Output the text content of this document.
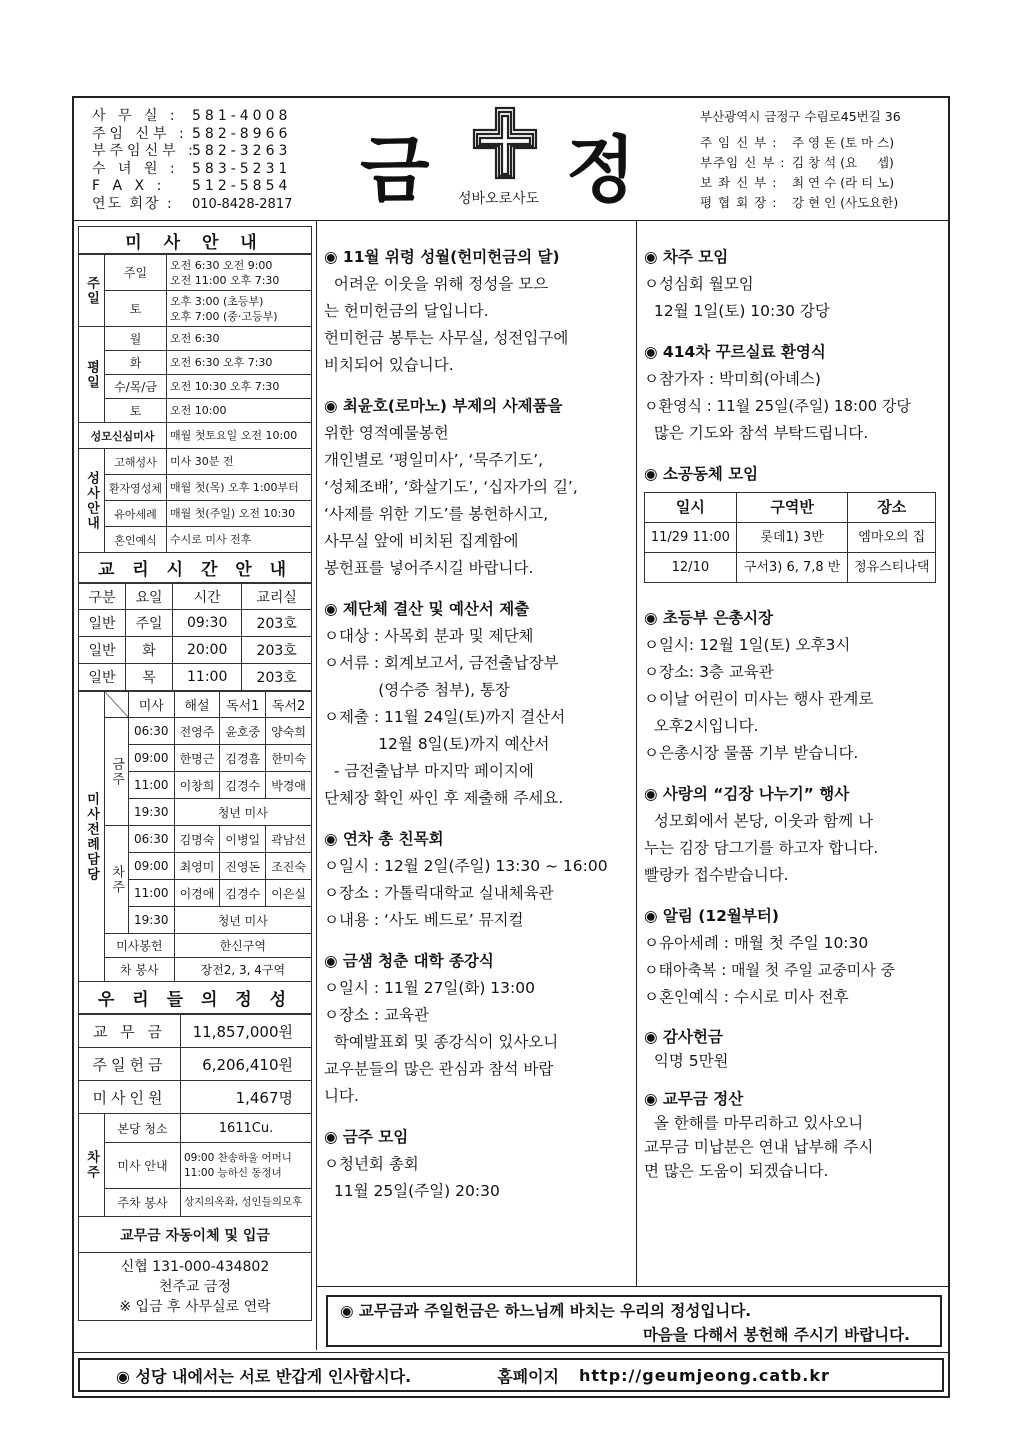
사 무 실 : 581-4008
주임 신부 : 582-8966
부주임신부 :
582-3263
수 녀 원 : 583-5231
F A X :	512-5854
연도 회장 :	010-8428-2817 금 정
성바오로사도
부산광역시 금정구 수림로45번길 36
주 임 신 부 :	주 영 돈 (토 마 스)
부주임 신 부 : 김 창 석 (요     셉)
보 좌 신 부 :	최 연 수 (라 티 노)
평 협 회 장 :	강 현 인 (사도요한)
미 사 안 내
주일	주일	오전 6:30 오전 9:00
오전 11:00 오후 7:30
	토	오후 3:00 (초등부)
오후 7:00 (중·고등부)
평일	월	오전 6:30
	화	오전 6:30 오후 7:30
	수/목/금	오전 10:30 오후 7:30
	토	오전 10:00
성모신심미사		매월 첫토요일 오전 10:00
성사안내	고해성사	미사 30분 전
	환자영성체	매월 첫(목) 오후 1:00부터
	유아세례	매월 첫(주일) 오전 10:30
	혼인예식	수시로 미사 전후
교 리 시 간 안 내
구분	요일	시간	교리실
일반	주일	09:30	203호
일반	화	20:00	203호
일반	목	11:00	203호
미사전례담당		미사	해설	독서1	독서2
	금주	06:30	전영주	윤호중	양숙희
		09:00	한명근	김경흠	한미숙
		11:00	이창희	김경수	박경애
		19:30	청년 미사		
	차주	06:30	김명숙	이병일	곽남선
		09:00	최영미	진영돈	조진숙
		11:00	이경애	김경수	이은실
		19:30	청년 미사		
	미사봉헌		한신구역		
	차 봉사		장전2, 3, 4구역		
우 리 들 의 정 성
교 무 금		11,857,000원
주일헌금		6,206,410원
미사인원		1,467명
차주	본당 청소	1611Cu.
	미사 안내	09:00 찬송하울 어머니
11:00 능하신 동정녀
	주차 봉사	상지의옥좌, 성인들의모후
교무금 자동이체 및 입금
신협 131-000-434802
천주교 금정
※ 입금 후 사무실로 연락
◉ 11월 위령 성월(헌미헌금의 달)
어려운 이웃을 위해 정성을 모으
는 헌미헌금의 달입니다.
헌미헌금 봉투는 사무실, 성전입구에
비치되어 있습니다.
◉ 최윤호(로마노) 부제의 사제품을
위한 영적예물봉헌
개인별로 ‘평일미사’, ‘묵주기도’,
‘성체조배’, ‘화살기도’, ‘십자가의 길’,
‘사제를 위한 기도’를 봉헌하시고,
사무실 앞에 비치된 집계함에
봉헌표를 넣어주시길 바랍니다.
◉ 제단체 결산 및 예산서 제출
ㅇ대상 : 사목회 분과 및 제단체
ㅇ서류 : 회계보고서, 금전출납장부
(영수증 첨부), 통장
ㅇ제출 : 11월 24일(토)까지 결산서
12월 8일(토)까지 예산서
- 금전출납부 마지막 페이지에
단체장 확인 싸인 후 제출해 주세요.
◉ 연차 총 친목회
ㅇ일시 : 12월 2일(주일) 13:30 ~ 16:00
ㅇ장소 : 가톨릭대학교 실내체육관
ㅇ내용 : ‘사도 베드로’ 뮤지컬
◉ 금샘 청춘 대학 종강식
ㅇ일시 : 11월 27일(화) 13:00
ㅇ장소 : 교육관
학예발표회 및 종강식이 있사오니
교우분들의 많은 관심과 참석 바랍
니다.
◉ 금주 모임
ㅇ청년회 총회
11월 25일(주일) 20:30
◉ 차주 모임
ㅇ성심회 월모임
12월 1일(토) 10:30 강당
◉ 414차 꾸르실료 환영식
ㅇ참가자 : 박미희(아녜스)
ㅇ환영식 : 11월 25일(주일) 18:00 강당
많은 기도와 참석 부탁드립니다.
◉ 소공동체 모임
일시	구역반	장소
11/29 11:00	롯데1) 3반	엠마오의 집
12/10	구서3) 6, 7,8 반	정유스티나댁
◉ 초등부 은총시장
ㅇ일시: 12월 1일(토) 오후3시
ㅇ장소: 3층 교육관
ㅇ이날 어린이 미사는 행사 관계로
오후2시입니다.
ㅇ은총시장 물품 기부 받습니다.
◉ 사랑의 “김장 나누기” 행사
성모회에서 본당, 이웃과 함께 나
누는 김장 담그기를 하고자 합니다.
빨랑카 접수받습니다.
◉ 알림 (12월부터)
ㅇ유아세례 : 매월 첫 주일 10:30
ㅇ태아축복 : 매월 첫 주일 교중미사 중
ㅇ혼인예식 : 수시로 미사 전후
◉ 감사헌금
익명 5만원
◉ 교무금 정산
올 한해를 마무리하고 있사오니
교무금 미납분은 연내 납부해 주시
면 많은 도움이 되겠습니다.
◉ 교무금과 주일헌금은 하느님께 바치는 우리의 정성입니다.
마음을 다해서 봉헌해 주시기 바랍니다.
◉ 성당 내에서는 서로 반갑게 인사합시다.	홈페이지 http://geumjeong.catb.kr
